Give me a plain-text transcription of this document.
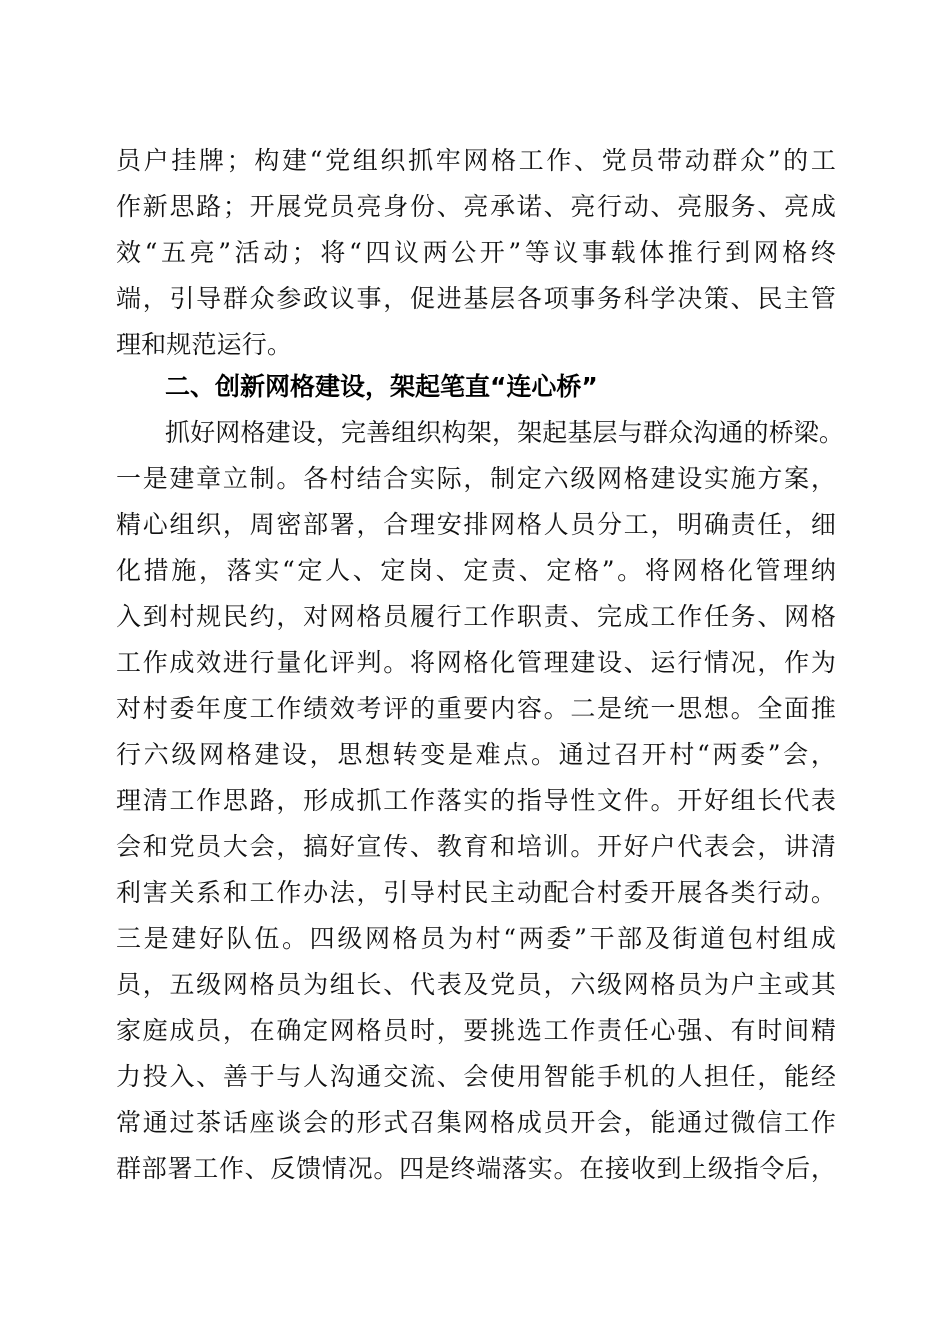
员户挂牌；构建“党组织抓牢网格工作、党员带动群众”的工
作新思路；开展党员亮身份、亮承诺、亮行动、亮服务、亮成
效“五亮”活动；将“四议两公开”等议事载体推行到网格终
端，引导群众参政议事，促进基层各项事务科学决策、民主管
理和规范运行。
二、创新网格建设，架起笔直“连心桥”
抓好网格建设，完善组织构架，架起基层与群众沟通的桥梁。
一是建章立制。各村结合实际，制定六级网格建设实施方案，
精心组织，周密部署，合理安排网格人员分工，明确责任，细
化措施，落实“定人、定岗、定责、定格”。将网格化管理纳
入到村规民约，对网格员履行工作职责、完成工作任务、网格
工作成效进行量化评判。将网格化管理建设、运行情况，作为
对村委年度工作绩效考评的重要内容。二是统一思想。全面推
行六级网格建设，思想转变是难点。通过召开村“两委”会，
理清工作思路，形成抓工作落实的指导性文件。开好组长代表
会和党员大会，搞好宣传、教育和培训。开好户代表会，讲清
利害关系和工作办法，引导村民主动配合村委开展各类行动。
三是建好队伍。四级网格员为村“两委”干部及街道包村组成
员，五级网格员为组长、代表及党员，六级网格员为户主或其
家庭成员，在确定网格员时，要挑选工作责任心强、有时间精
力投入、善于与人沟通交流、会使用智能手机的人担任，能经
常通过茶话座谈会的形式召集网格成员开会，能通过微信工作
群部署工作、反馈情况。四是终端落实。在接收到上级指令后，
